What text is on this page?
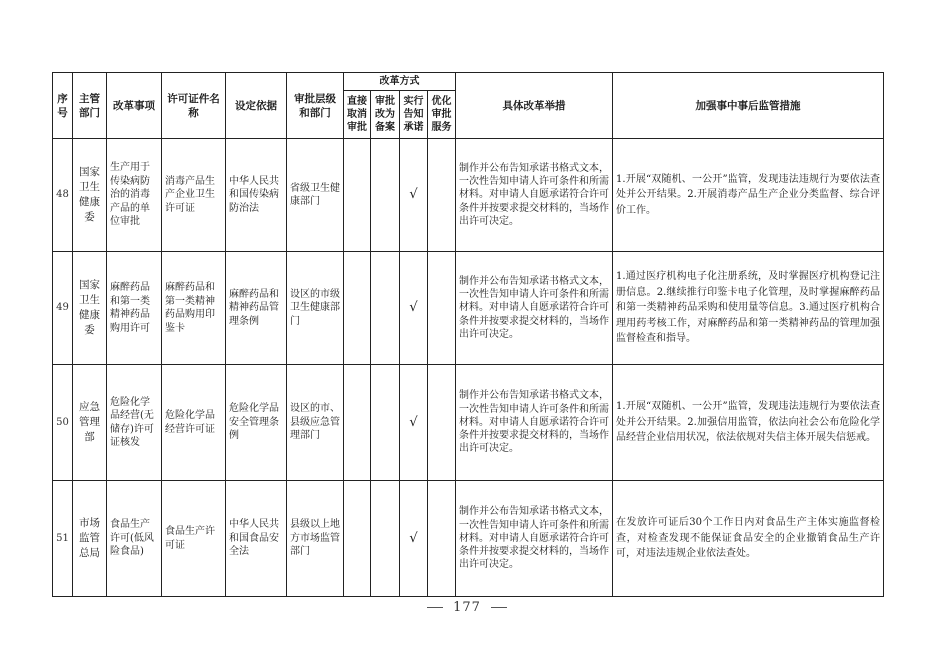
序号	主管部门	改革事项	许可证件名称	设定依据	审批层级和部门	改革方式				具体改革举措	加强事中事后监管措施
						直接取消审批	审批改为备案	实行告知承诺	优化审批服务		
48	国家卫生健康委	生产用于传染病防治的消毒产品的单位审批	消毒产品生产企业卫生许可证	中华人民共和国传染病防治法	省级卫生健康部门			√		制作并公布告知承诺书格式文本，一次性告知申请人许可条件和所需材料。对申请人自愿承诺符合许可条件并按要求提交材料的，当场作出许可决定。	1.开展“双随机、一公开”监管，发现违法违规行为要依法查处并公开结果。2.开展消毒产品生产企业分类监督、综合评价工作。
49	国家卫生健康委	麻醉药品和第一类精神药品购用许可	麻醉药品和第一类精神药品购用印鉴卡	麻醉药品和精神药品管理条例	设区的市级卫生健康部门			√		制作并公布告知承诺书格式文本，一次性告知申请人许可条件和所需材料。对申请人自愿承诺符合许可条件并按要求提交材料的，当场作出许可决定。	1.通过医疗机构电子化注册系统，及时掌握医疗机构登记注册信息。2.继续推行印鉴卡电子化管理，及时掌握麻醉药品和第一类精神药品采购和使用量等信息。3.通过医疗机构合理用药考核工作，对麻醉药品和第一类精神药品的管理加强监督检查和指导。
50	应急管理部	危险化学品经营(无储存)许可证核发	危险化学品经营许可证	危险化学品安全管理条例	设区的市、县级应急管理部门			√		制作并公布告知承诺书格式文本，一次性告知申请人许可条件和所需材料。对申请人自愿承诺符合许可条件并按要求提交材料的，当场作出许可决定。	1.开展“双随机、一公开”监管，发现违法违规行为要依法查处并公开结果。2.加强信用监管，依法向社会公布危险化学品经营企业信用状况，依法依规对失信主体开展失信惩戒。
51	市场监管总局	食品生产许可(低风险食品)	食品生产许可证	中华人民共和国食品安全法	县级以上地方市场监管部门			√		制作并公布告知承诺书格式文本，一次性告知申请人许可条件和所需材料。对申请人自愿承诺符合许可条件并按要求提交材料的，当场作出许可决定。	在发放许可证后30个工作日内对食品生产主体实施监督检查，对检查发现不能保证食品安全的企业撤销食品生产许可，对违法违规企业依法查处。
177
